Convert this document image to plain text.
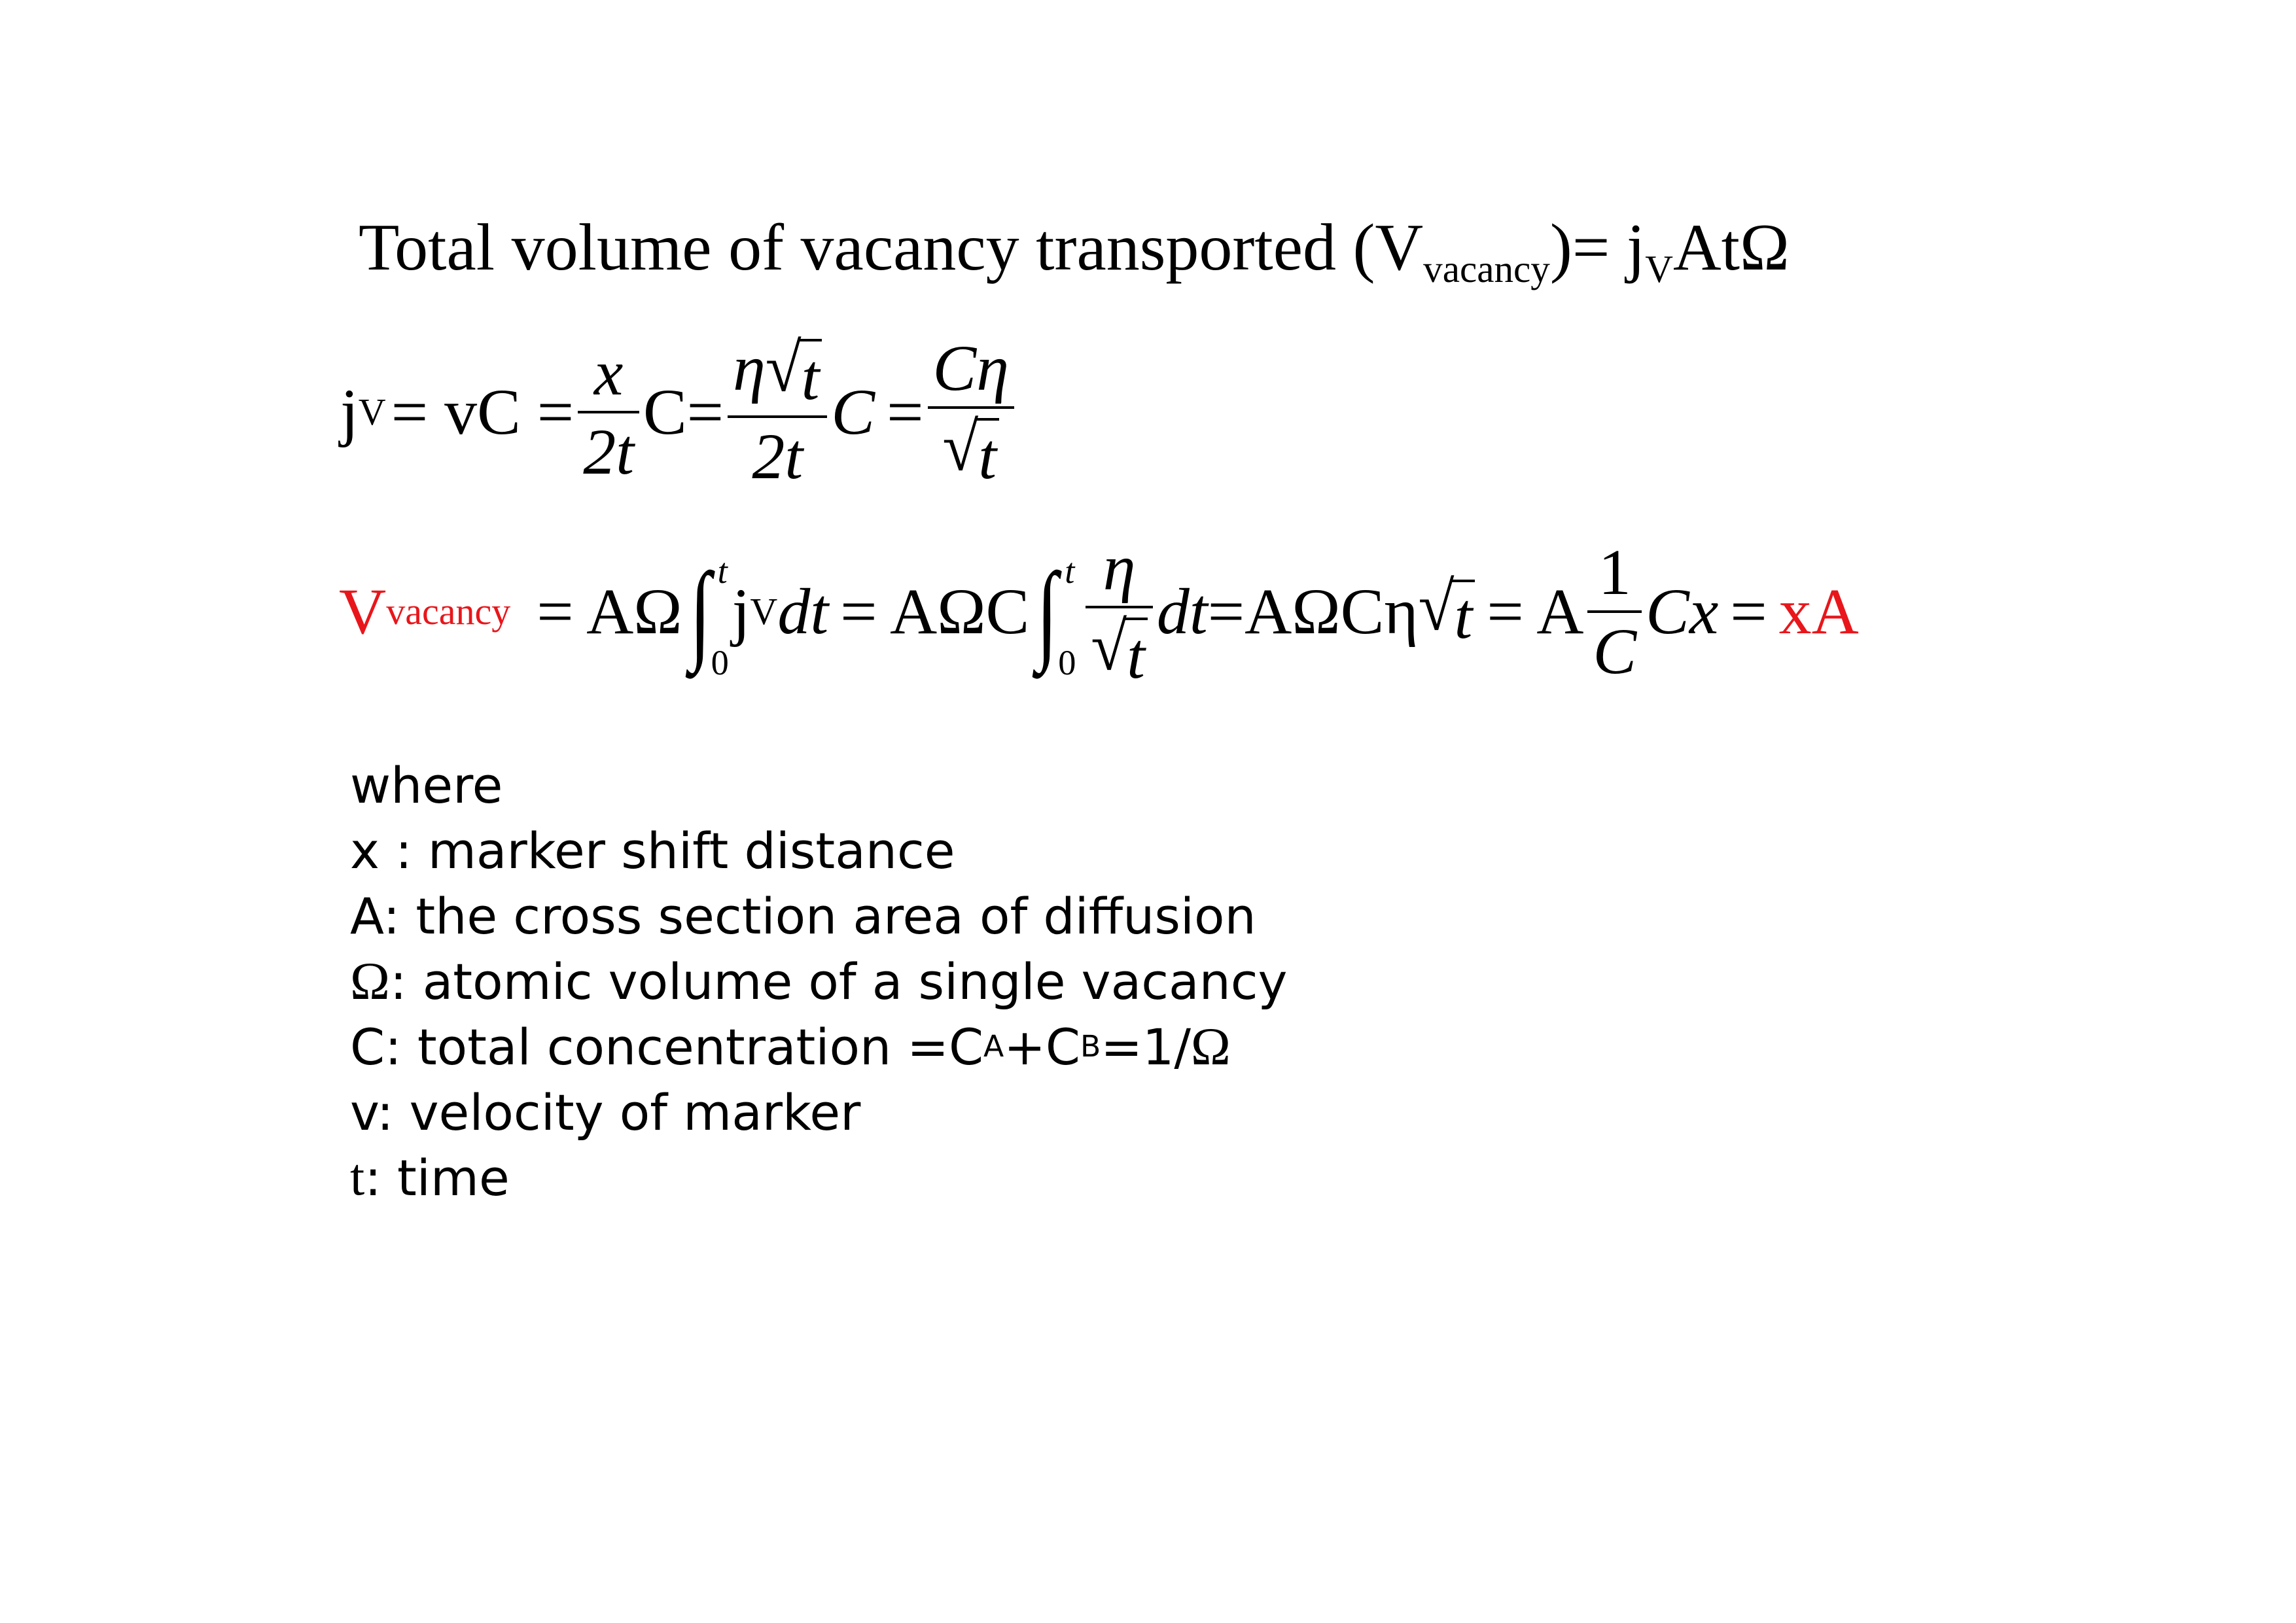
Total volume of vacancy transported $(V_{vacancy})= j_VAt\Omega$
j V = vC = $\frac{x}{2t} C= \frac{\eta √ t}{2t}$ $C = \frac{C\eta}{√ t}$
V vacancy = AΩ ∫ t
0
j V dt = AΩC ∫ t
$0 \frac{\eta}{√ t}$ dt =AΩCη √ t = A $\frac{1}{C}$ Cx = xA
where
x : marker shift distance
A: the cross section area of diffusion
Ω : atomic volume of a single vacancy
C: total concentration =C A +C B =1/ Ω
v: velocity of marker
t : time
